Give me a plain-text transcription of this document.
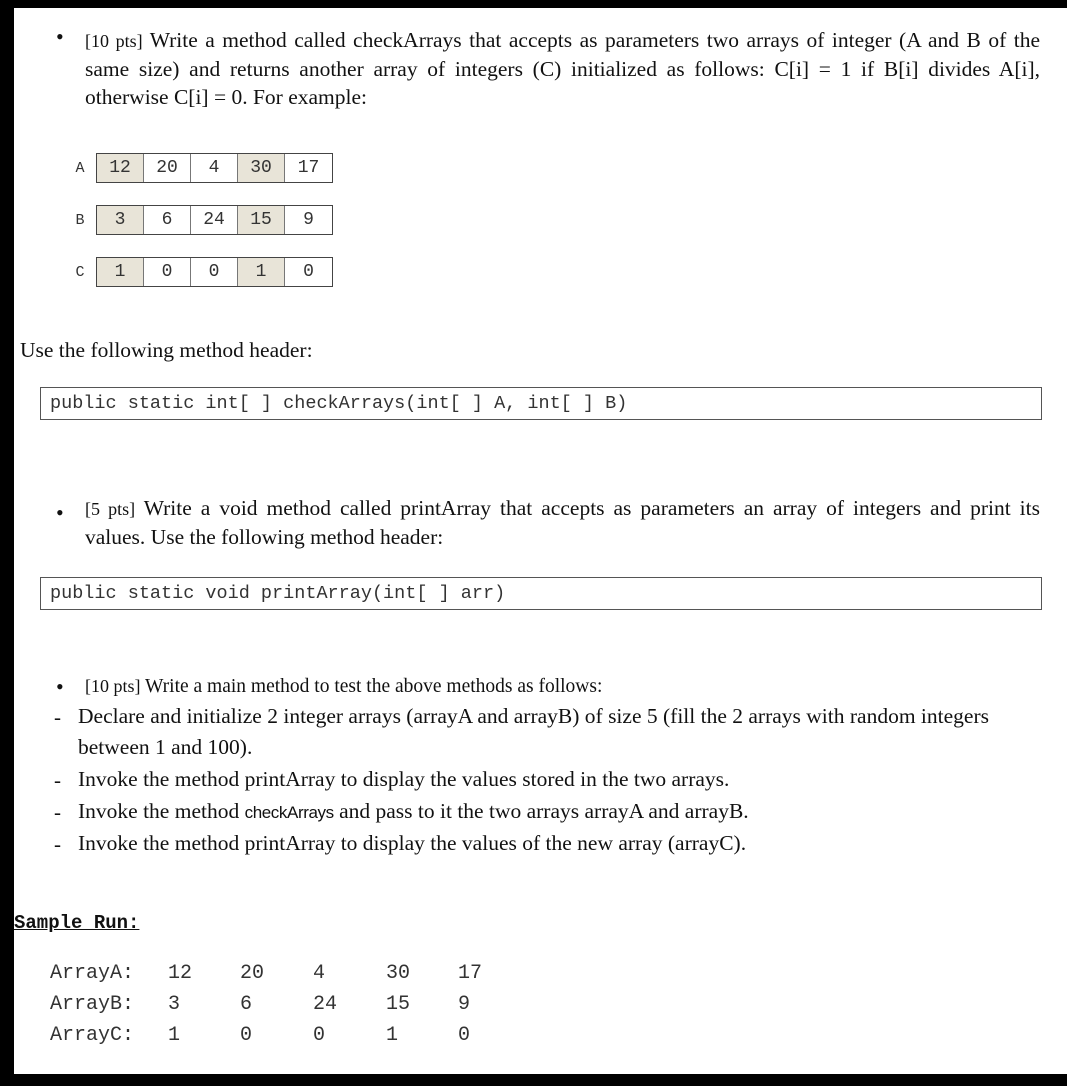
• [10 pts] Write a method called checkArrays that accepts as parameters two arrays of integer (A and B of the same size) and returns another array of integers (C) initialized as follows: C[i] = 1 if B[i] divides A[i], otherwise C[i] = 0. For example:
A	12	20	4	30	17
B	3	6	24	15	9
C	1	0	0	1	0
Use the following method header:
public static int[ ] checkArrays(int[ ] A, int[ ] B)
• [5 pts] Write a void method called printArray that accepts as parameters an array of integers and print its values. Use the following method header:
public static void printArray(int[ ] arr)
• [10 pts] Write a main method to test the above methods as follows:
- Declare and initialize 2 integer arrays (arrayA and arrayB) of size 5 (fill the 2 arrays with random integers between 1 and 100).
- Invoke the method printArray to display the values stored in the two arrays.
- Invoke the method checkArrays and pass to it the two arrays arrayA and arrayB.
- Invoke the method printArray to display the values of the new array (arrayC).
Sample Run:
ArrayA: 12 20 4	30 17
ArrayB: 3	6	24 15 9
ArrayC: 1	0	0	1	0
